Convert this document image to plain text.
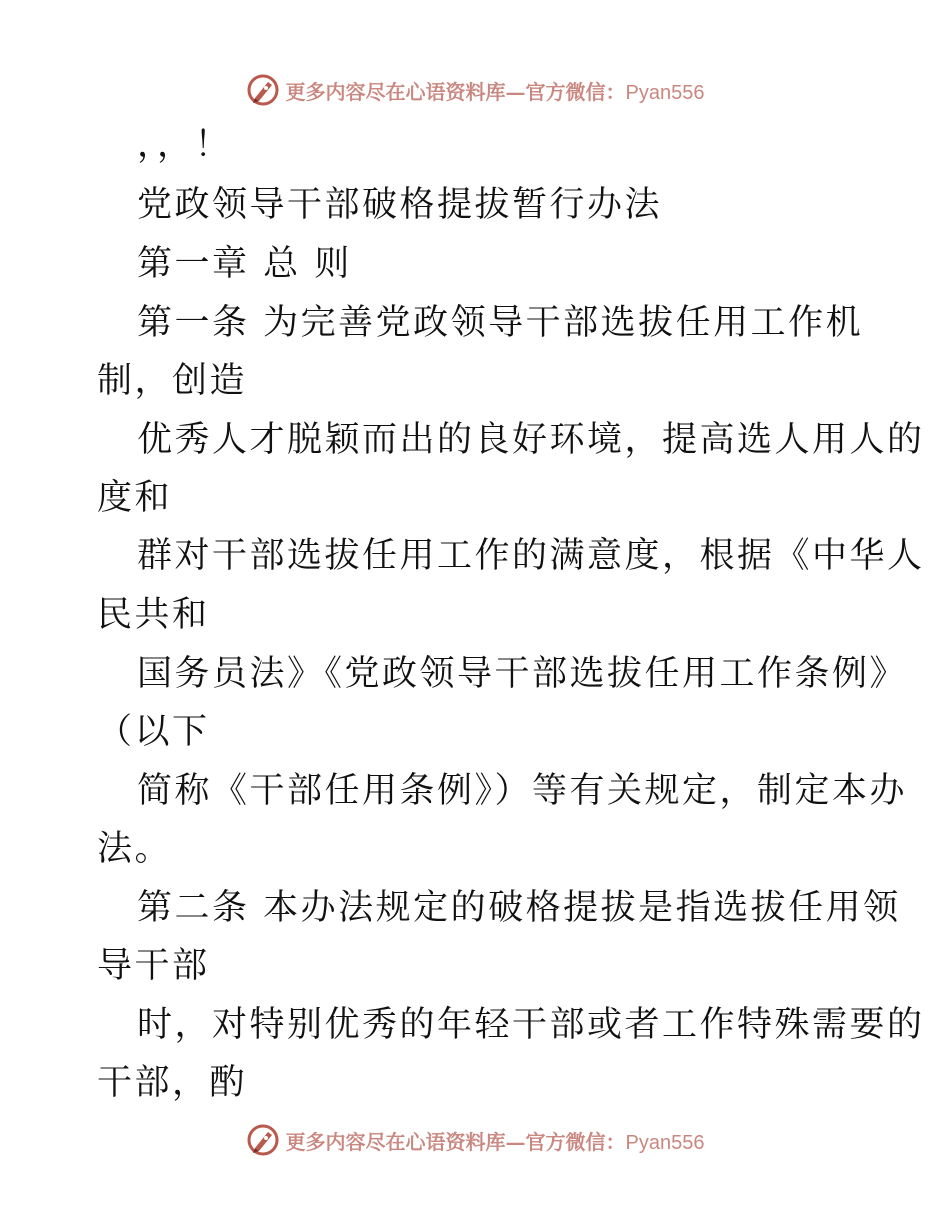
更多内容尽在心语资料库—官方微信：Pyan556
，，！
党政领导干部破格提拔暂行办法
第一章 总 则
第一条 为完善党政领导干部选拔任用工作机
制，创造
优秀人才脱颖而出的良好环境，提高选人用人的
度和
群对干部选拔任用工作的满意度，根据《中华人
民共和
国务员法》《党政领导干部选拔任用工作条例》
（以下
简称《干部任用条例》）等有关规定，制定本办
法。
第二条 本办法规定的破格提拔是指选拔任用领
导干部
时，对特别优秀的年轻干部或者工作特殊需要的
干部，酌
更多内容尽在心语资料库—官方微信：Pyan556
